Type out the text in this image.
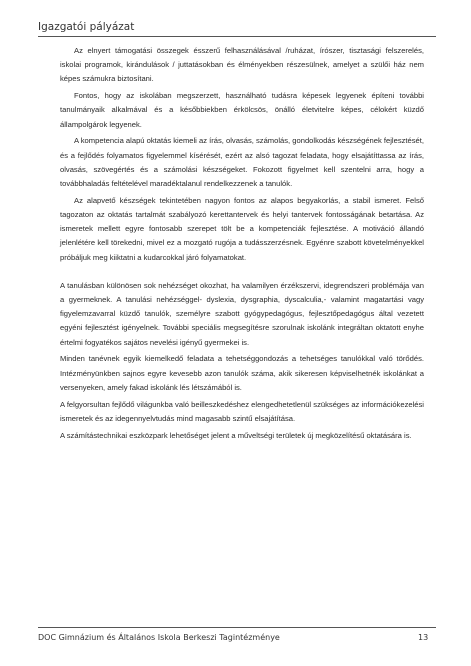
Igazgatói pályázat

Az elnyert támogatási összegek ésszerű felhasználásával /ruházat, írószer, tisztasági felszerelés, iskolai programok, kirándulások / juttatásokban és élményekben részesülnek, amelyet a szülői ház nem képes számukra biztosítani.

Fontos, hogy az iskolában megszerzett, használható tudásra képesek legyenek építeni további tanulmányaik alkalmával és a későbbiekben érkölcsös, önálló életvitelre képes, célokért küzdő állampolgárok legyenek.

A kompetencia alapú oktatás kiemeli az írás, olvasás, számolás, gondolkodás készségének fejlesztését, és a fejlődés folyamatos figyelemmel kísérését, ezért az alsó tagozat feladata, hogy elsajátíttassa az írás, olvasás, szövegértés és a számolási készségeket. Fokozott figyelmet kell szentelni arra, hogy a továbbhaladás feltételével maradéktalanul rendelkezzenek a tanulók.

Az alapvető készségek tekintetében nagyon fontos az alapos begyakorlás, a stabil ismeret. Felső tagozaton az oktatás tartalmát szabályozó kerettantervek és helyi tantervek fontosságának betartása. Az ismeretek mellett egyre fontosabb szerepet tölt be a kompetenciák fejlesztése. A motiváció állandó jelenlétére kell törekedni, mivel ez a mozgató rugója a tudásszerzésnek. Egyénre szabott követelményekkel próbáljuk meg kiiktatni a kudarcokkal járó folyamatokat.

A tanulásban különösen sok nehézséget okozhat, ha valamilyen érzékszervi, idegrendszeri problémája van a gyermeknek. A tanulási nehézséggel- dyslexia, dysgraphia, dyscalculia,- valamint magatartási vagy figyelemzavarral küzdő tanulók, személyre szabott gyógypedagógus, fejlesztőpedagógus által vezetett egyéni fejlesztést igényelnek. További speciális megsegítésre szorulnak iskolánk integráltan oktatott enyhe értelmi fogyatékos sajátos nevelési igényű gyermekei is.

Minden tanévnek egyik kiemelkedő feladata a tehetséggondozás a tehetséges tanulókkal való törődés. Intézményünkben sajnos egyre kevesebb azon tanulók száma, akik sikeresen képviselhetnék iskolánkat a versenyeken, amely fakad iskolánk lés létszámából is.

A felgyorsultan fejlődő világunkba való beilleszkedéshez elengedhetetlenül szükséges az információkezelési ismeretek és az idegennyelvtudás mind magasabb szintű elsajátítása.

A számítástechnikai eszközpark lehetőséget jelent a műveltségi területek új megközelítésű oktatására is.

DOC Gimnázium és Általános Iskola Berkeszi Tagintézménye	13
